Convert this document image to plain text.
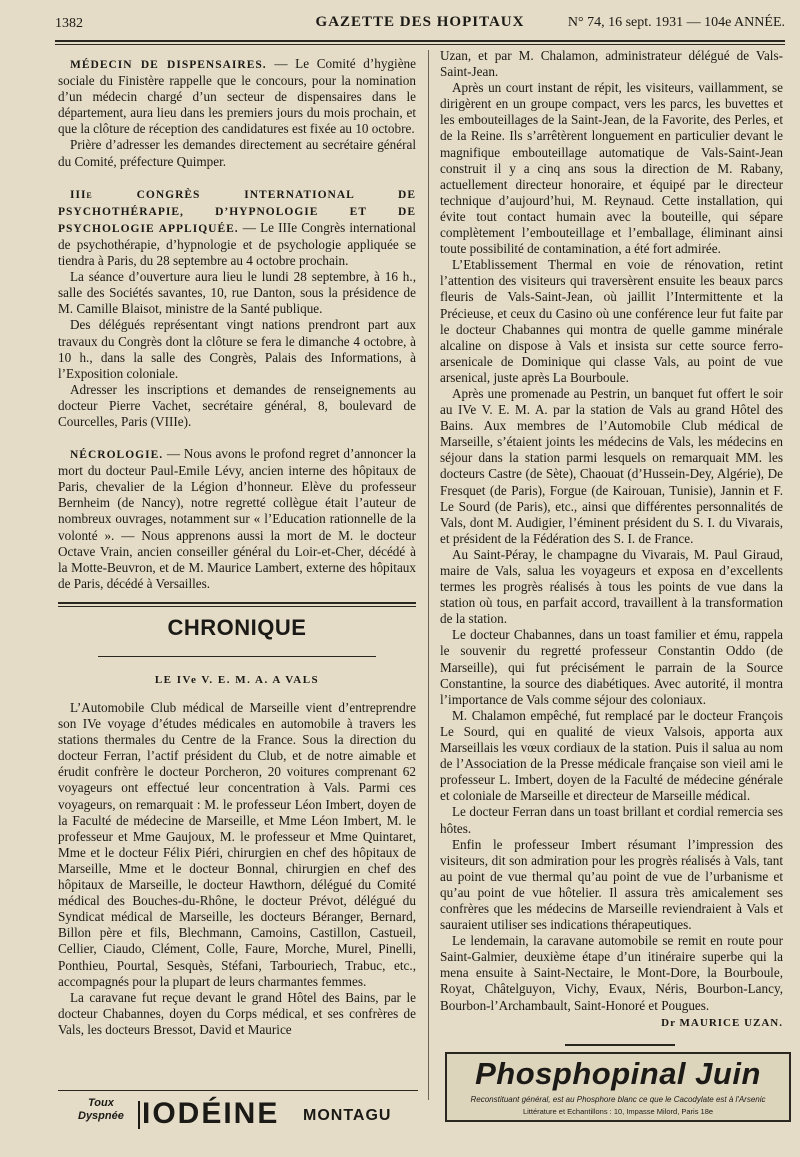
1382	GAZETTE DES HOPITAUX	N° 74, 16 sept. 1931 — 104e ANNÉE.

MÉDECIN DE DISPENSAIRES. — Le Comité d’hygiène sociale du Finistère rappelle que le concours, pour la nomination d’un médecin chargé d’un secteur de dispensaires dans le département, aura lieu dans les premiers jours du mois prochain, et que la clôture de réception des candidatures est fixée au 10 octobre.

Prière d’adresser les demandes directement au secrétaire général du Comité, préfecture Quimper.

IIIe CONGRÈS INTERNATIONAL DE PSYCHOTHÉRAPIE, D’HYPNOLOGIE ET DE PSYCHOLOGIE APPLIQUÉE. — Le IIIe Congrès international de psychothérapie, d’hypnologie et de psychologie appliquée se tiendra à Paris, du 28 septembre au 4 octobre prochain.

La séance d’ouverture aura lieu le lundi 28 septembre, à 16 h., salle des Sociétés savantes, 10, rue Danton, sous la présidence de M. Camille Blaisot, ministre de la Santé publique.

Des délégués représentant vingt nations prendront part aux travaux du Congrès dont la clôture se fera le dimanche 4 octobre, à 10 h., dans la salle des Congrès, Palais des Informations, à l’Exposition coloniale.

Adresser les inscriptions et demandes de renseignements au docteur Pierre Vachet, secrétaire général, 8, boulevard de Courcelles, Paris (VIIIe).

NÉCROLOGIE. — Nous avons le profond regret d’annoncer la mort du docteur Paul-Emile Lévy, ancien interne des hôpitaux de Paris, chevalier de la Légion d’honneur. Elève du professeur Bernheim (de Nancy), notre regretté collègue était l’auteur de nombreux ouvrages, notamment sur « l’Education rationnelle de la volonté ». — Nous apprenons aussi la mort de M. le docteur Octave Vrain, ancien conseiller général du Loir-et-Cher, décédé à la Motte-Beuvron, et de M. Maurice Lambert, externe des hôpitaux de Paris, décédé à Versailles.

CHRONIQUE
LE IVe V. E. M. A. A VALS

L’Automobile Club médical de Marseille vient d’entreprendre son IVe voyage d’études médicales en automobile à travers les stations thermales du Centre de la France. Sous la direction du docteur Ferran, l’actif président du Club, et de notre aimable et érudit confrère le docteur Porcheron, 20 voitures comprenant 62 voyageurs ont effectué leur concentration à Vals. Parmi ces voyageurs, on remarquait : M. le professeur Léon Imbert, doyen de la Faculté de médecine de Marseille, et Mme Léon Imbert, M. le professeur et Mme Gaujoux, M. le professeur et Mme Quintaret, Mme et le docteur Félix Piéri, chirurgien en chef des hôpitaux de Marseille, Mme et le docteur Bonnal, chirurgien en chef des hôpitaux de Marseille, le docteur Hawthorn, délégué du Comité médical des Bouches-du-Rhône, le docteur Prévot, délégué du Syndicat médical de Marseille, les docteurs Béranger, Bernard, Billon père et fils, Blechmann, Camoins, Castillon, Castueil, Cellier, Ciaudo, Clément, Colle, Faure, Morche, Murel, Pinelli, Ponthieu, Pourtal, Sesquès, Stéfani, Tarbouriech, Trabuc, etc., accompagnés pour la plupart de leurs charmantes femmes.

La caravane fut reçue devant le grand Hôtel des Bains, par le docteur Chabannes, doyen du Corps médical, et ses confrères de Vals, les docteurs Bressot, David et Maurice

Uzan, et par M. Chalamon, administrateur délégué de Vals-Saint-Jean.

Après un court instant de répit, les visiteurs, vaillamment, se dirigèrent en un groupe compact, vers les parcs, les buvettes et les embouteillages de la Saint-Jean, de la Favorite, des Perles, et de la Reine. Ils s’arrêtèrent longuement en particulier devant le magnifique embouteillage automatique de Vals-Saint-Jean construit il y a cinq ans sous la direction de M. Rabany, actuellement directeur honoraire, et équipé par le directeur technique d’aujourd’hui, M. Reynaud. Cette installation, qui évite tout contact humain avec la bouteille, qui sépare complètement l’embouteillage et l’emballage, éliminant ainsi toute possibilité de contamination, a été fort admirée.

L’Etablissement Thermal en voie de rénovation, retint l’attention des visiteurs qui traversèrent ensuite les beaux parcs fleuris de Vals-Saint-Jean, où jaillit l’Intermittente et la Précieuse, et ceux du Casino où une conférence leur fut faite par le docteur Chabannes qui montra de quelle gamme minérale alcaline on dispose à Vals et insista sur cette source ferro-arsenicale de Dominique qui classe Vals, au point de vue arsenical, juste après La Bourboule.

Après une promenade au Pestrin, un banquet fut offert le soir au IVe V. E. M. A. par la station de Vals au grand Hôtel des Bains. Aux membres de l’Automobile Club médical de Marseille, s’étaient joints les médecins de Vals, les médecins en séjour dans la station parmi lesquels on remarquait MM. les docteurs Castre (de Sète), Chaouat (d’Hussein-Dey, Algérie), De Fresquet (de Paris), Forgue (de Kairouan, Tunisie), Jannin et F. Le Sourd (de Paris), etc., ainsi que différentes personnalités de Vals, dont M. Audigier, l’éminent président du S. I. du Vivarais, et président de la Fédération des S. I. de France.

Au Saint-Péray, le champagne du Vivarais, M. Paul Giraud, maire de Vals, salua les voyageurs et exposa en d’excellents termes les progrès réalisés à tous les points de vue dans la station où tous, en parfait accord, travaillent à la transformation de la station.

Le docteur Chabannes, dans un toast familier et ému, rappela le souvenir du regretté professeur Constantin Oddo (de Marseille), qui fut précisément le parrain de la Source Constantine, la source des diabétiques. Avec autorité, il montra l’importance de Vals comme séjour des coloniaux.

M. Chalamon empêché, fut remplacé par le docteur François Le Sourd, qui en qualité de vieux Valsois, apporta aux Marseillais les vœux cordiaux de la station. Puis il salua au nom de l’Association de la Presse médicale française son vieil ami le professeur L. Imbert, doyen de la Faculté de médecine générale et coloniale de Marseille et directeur de Marseille médical.

Le docteur Ferran dans un toast brillant et cordial remercia ses hôtes.

Enfin le professeur Imbert résumant l’impression des visiteurs, dit son admiration pour les progrès réalisés à Vals, tant au point de vue thermal qu’au point de vue de l’urbanisme et qu’au point de vue hôtelier. Il assura très amicalement ses confrères que les médecins de Marseille reviendraient à Vals et sauraient utiliser ses indications thérapeutiques.

Le lendemain, la caravane automobile se remit en route pour Saint-Galmier, deuxième étape d’un itinéraire superbe qui la mena ensuite à Saint-Nectaire, le Mont-Dore, la Bourboule, Royat, Châtelguyon, Vichy, Evaux, Néris, Bourbon-Lancy, Bourbon-l’Archambault, Saint-Honoré et Pougues.

Dr MAURICE UZAN.
Toux
Dyspnée IODÉINE MONTAGU
Phosphopinal Juin
Reconstituant général, est au Phosphore blanc ce que le Cacodylate est à l'Arsenic
Littérature et Echantillons : 10, Impasse Milord, Paris 18e
